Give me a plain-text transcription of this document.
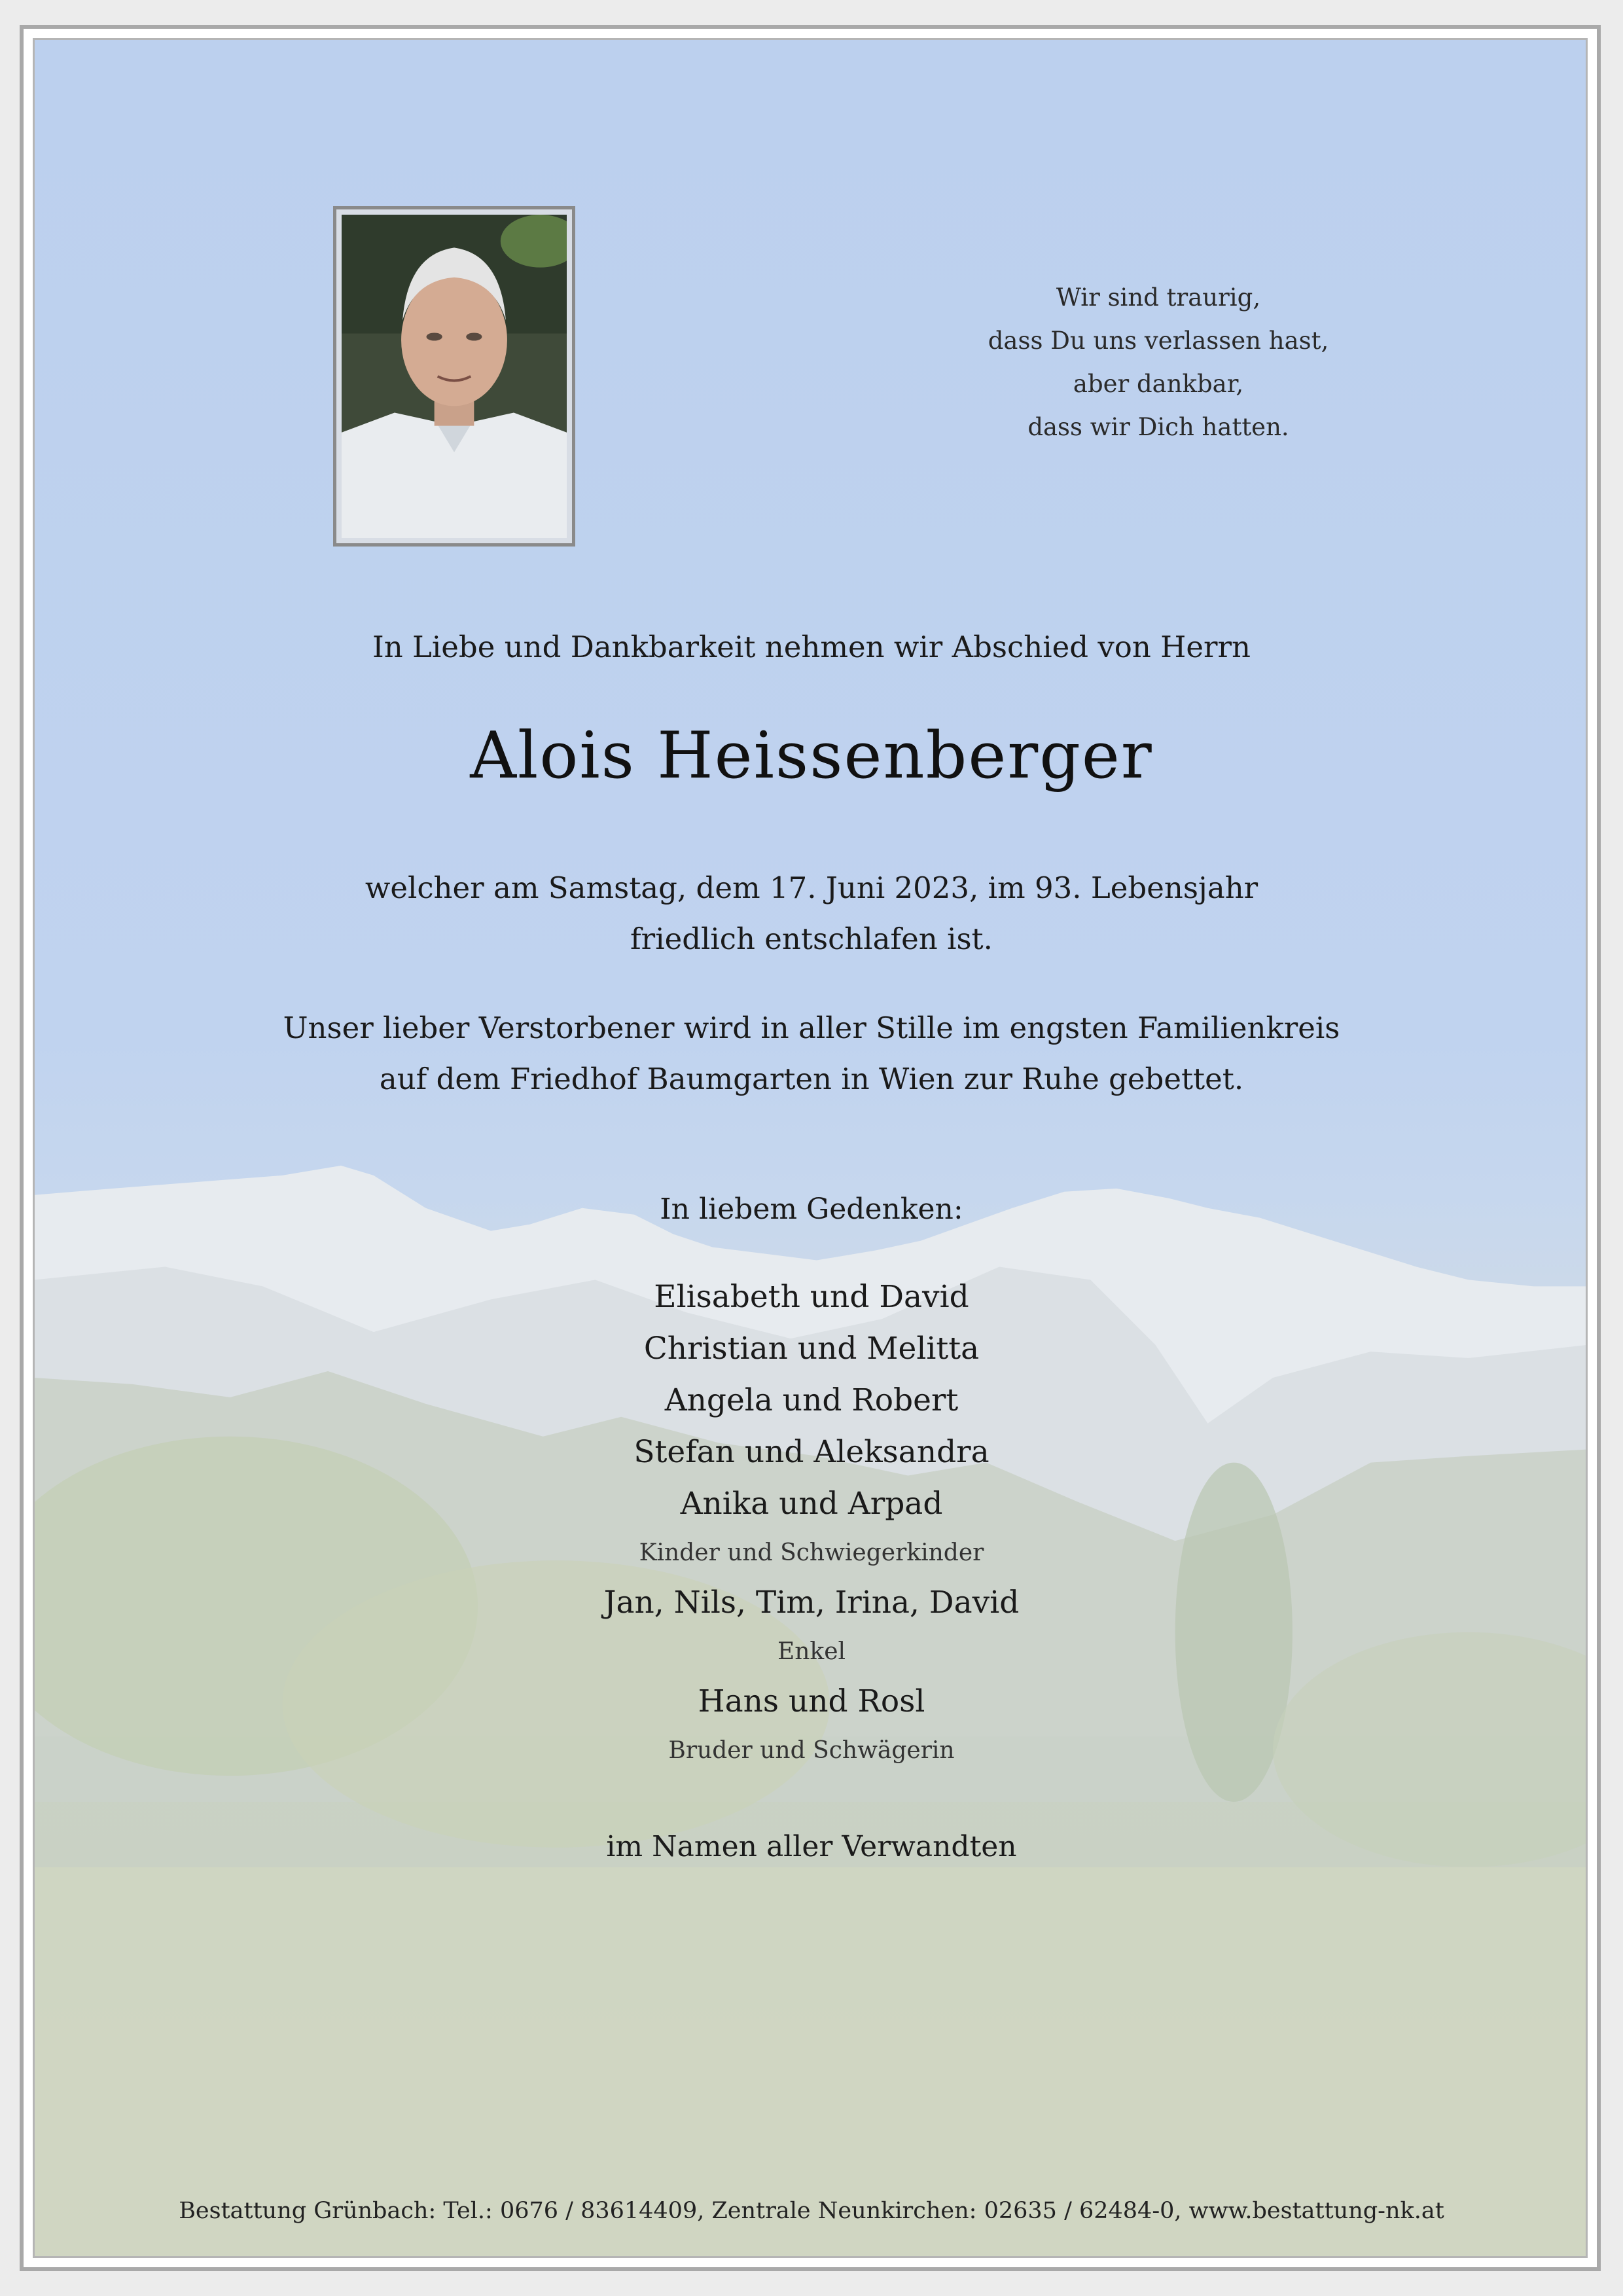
Wir sind traurig,
dass Du uns verlassen hast,
aber dankbar,
dass wir Dich hatten.
In Liebe und Dankbarkeit nehmen wir Abschied von Herrn
Alois Heissenberger
welcher am Samstag, dem 17. Juni 2023, im 93. Lebensjahr
friedlich entschlafen ist.
Unser lieber Verstorbener wird in aller Stille im engsten Familienkreis
auf dem Friedhof Baumgarten in Wien zur Ruhe gebettet.
In liebem Gedenken:
Elisabeth und David
Christian und Melitta
Angela und Robert
Stefan und Aleksandra
Anika und Arpad
Kinder und Schwiegerkinder
Jan, Nils, Tim, Irina, David
Enkel
Hans und Rosl
Bruder und Schwägerin
im Namen aller Verwandten
Bestattung Grünbach: Tel.: 0676 / 83614409, Zentrale Neunkirchen: 02635 / 62484-0, www.bestattung-nk.at
